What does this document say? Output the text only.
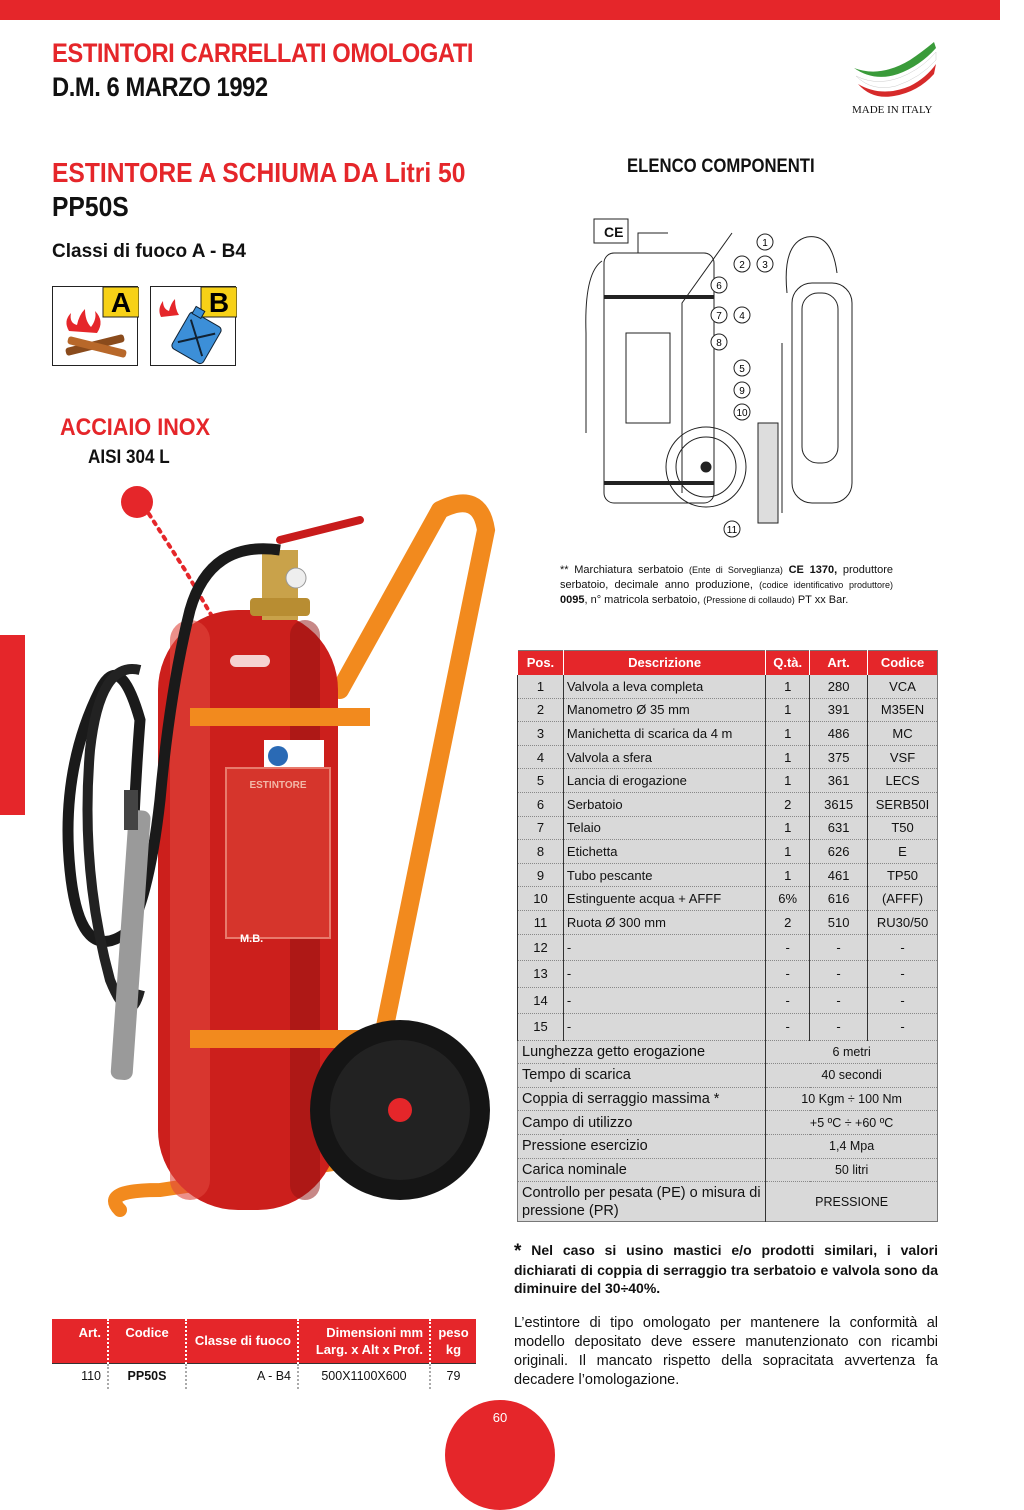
ESTINTORI CARRELLATI OMOLOGATI
D.M. 6 MARZO 1992
MADE IN ITALY
ESTINTORE A SCHIUMA DA Litri 50
PP50S
Classi di fuoco A - B4
A	B
ACCIAIO INOX
AISI 304 L
ESTINTORE
M.B.
ELENCO COMPONENTI
CE
1
2 3
6
7 4
8
5
9
10
11
** Marchiatura serbatoio (Ente di Sorveglianza) CE 1370, produttore serbatoio, decimale anno produzione, (codice identificativo produttore) 0095, n° matricola serbatoio, (Pressione di collaudo) PT xx Bar.
Pos.	Descrizione	Q.tà.	Art.	Codice
1	Valvola a leva completa	1	280	VCA
2	Manometro Ø 35 mm	1	391	M35EN
3	Manichetta di scarica da 4 m	1	486	MC
4	Valvola a sfera	1	375	VSF
5	Lancia di erogazione	1	361	LECS
6	Serbatoio	2	3615	SERB50I
7	Telaio	1	631	T50
8	Etichetta	1	626	E
9	Tubo pescante	1	461	TP50
10	Estinguente acqua + AFFF	6%	616	(AFFF)
11	Ruota Ø 300 mm	2	510	RU30/50
12	-	-	-	-
13	-	-	-	-
14	-	-	-	-
15	-	-	-	-
Lunghezza getto erogazione		6 metri		
Tempo di scarica		40 secondi		
Coppia di serraggio massima *		10 Kgm ÷ 100 Nm		
Campo di utilizzo		+5 ºC ÷ +60 ºC		
Pressione esercizio		1,4 Mpa		
Carica nominale		50 litri		
Controllo per pesata (PE) o misura di pressione (PR)		PRESSIONE		
* Nel caso si usino mastici e/o prodotti similari, i valori dichiarati di coppia di serraggio tra serbatoio e valvola sono da diminuire del 30÷40%.
L’estintore di tipo omologato per mantenere la conformità al modello depositato deve essere manutenzionato con ricambi originali. Il mancato rispetto della sopracitata avvertenza fa decadere l’omologazione.
Art.	Codice	Classe di fuoco	Dimensioni mm Larg. x Alt x Prof.	peso kg
110	PP50S	A - B4	500X1100X600	79
60
